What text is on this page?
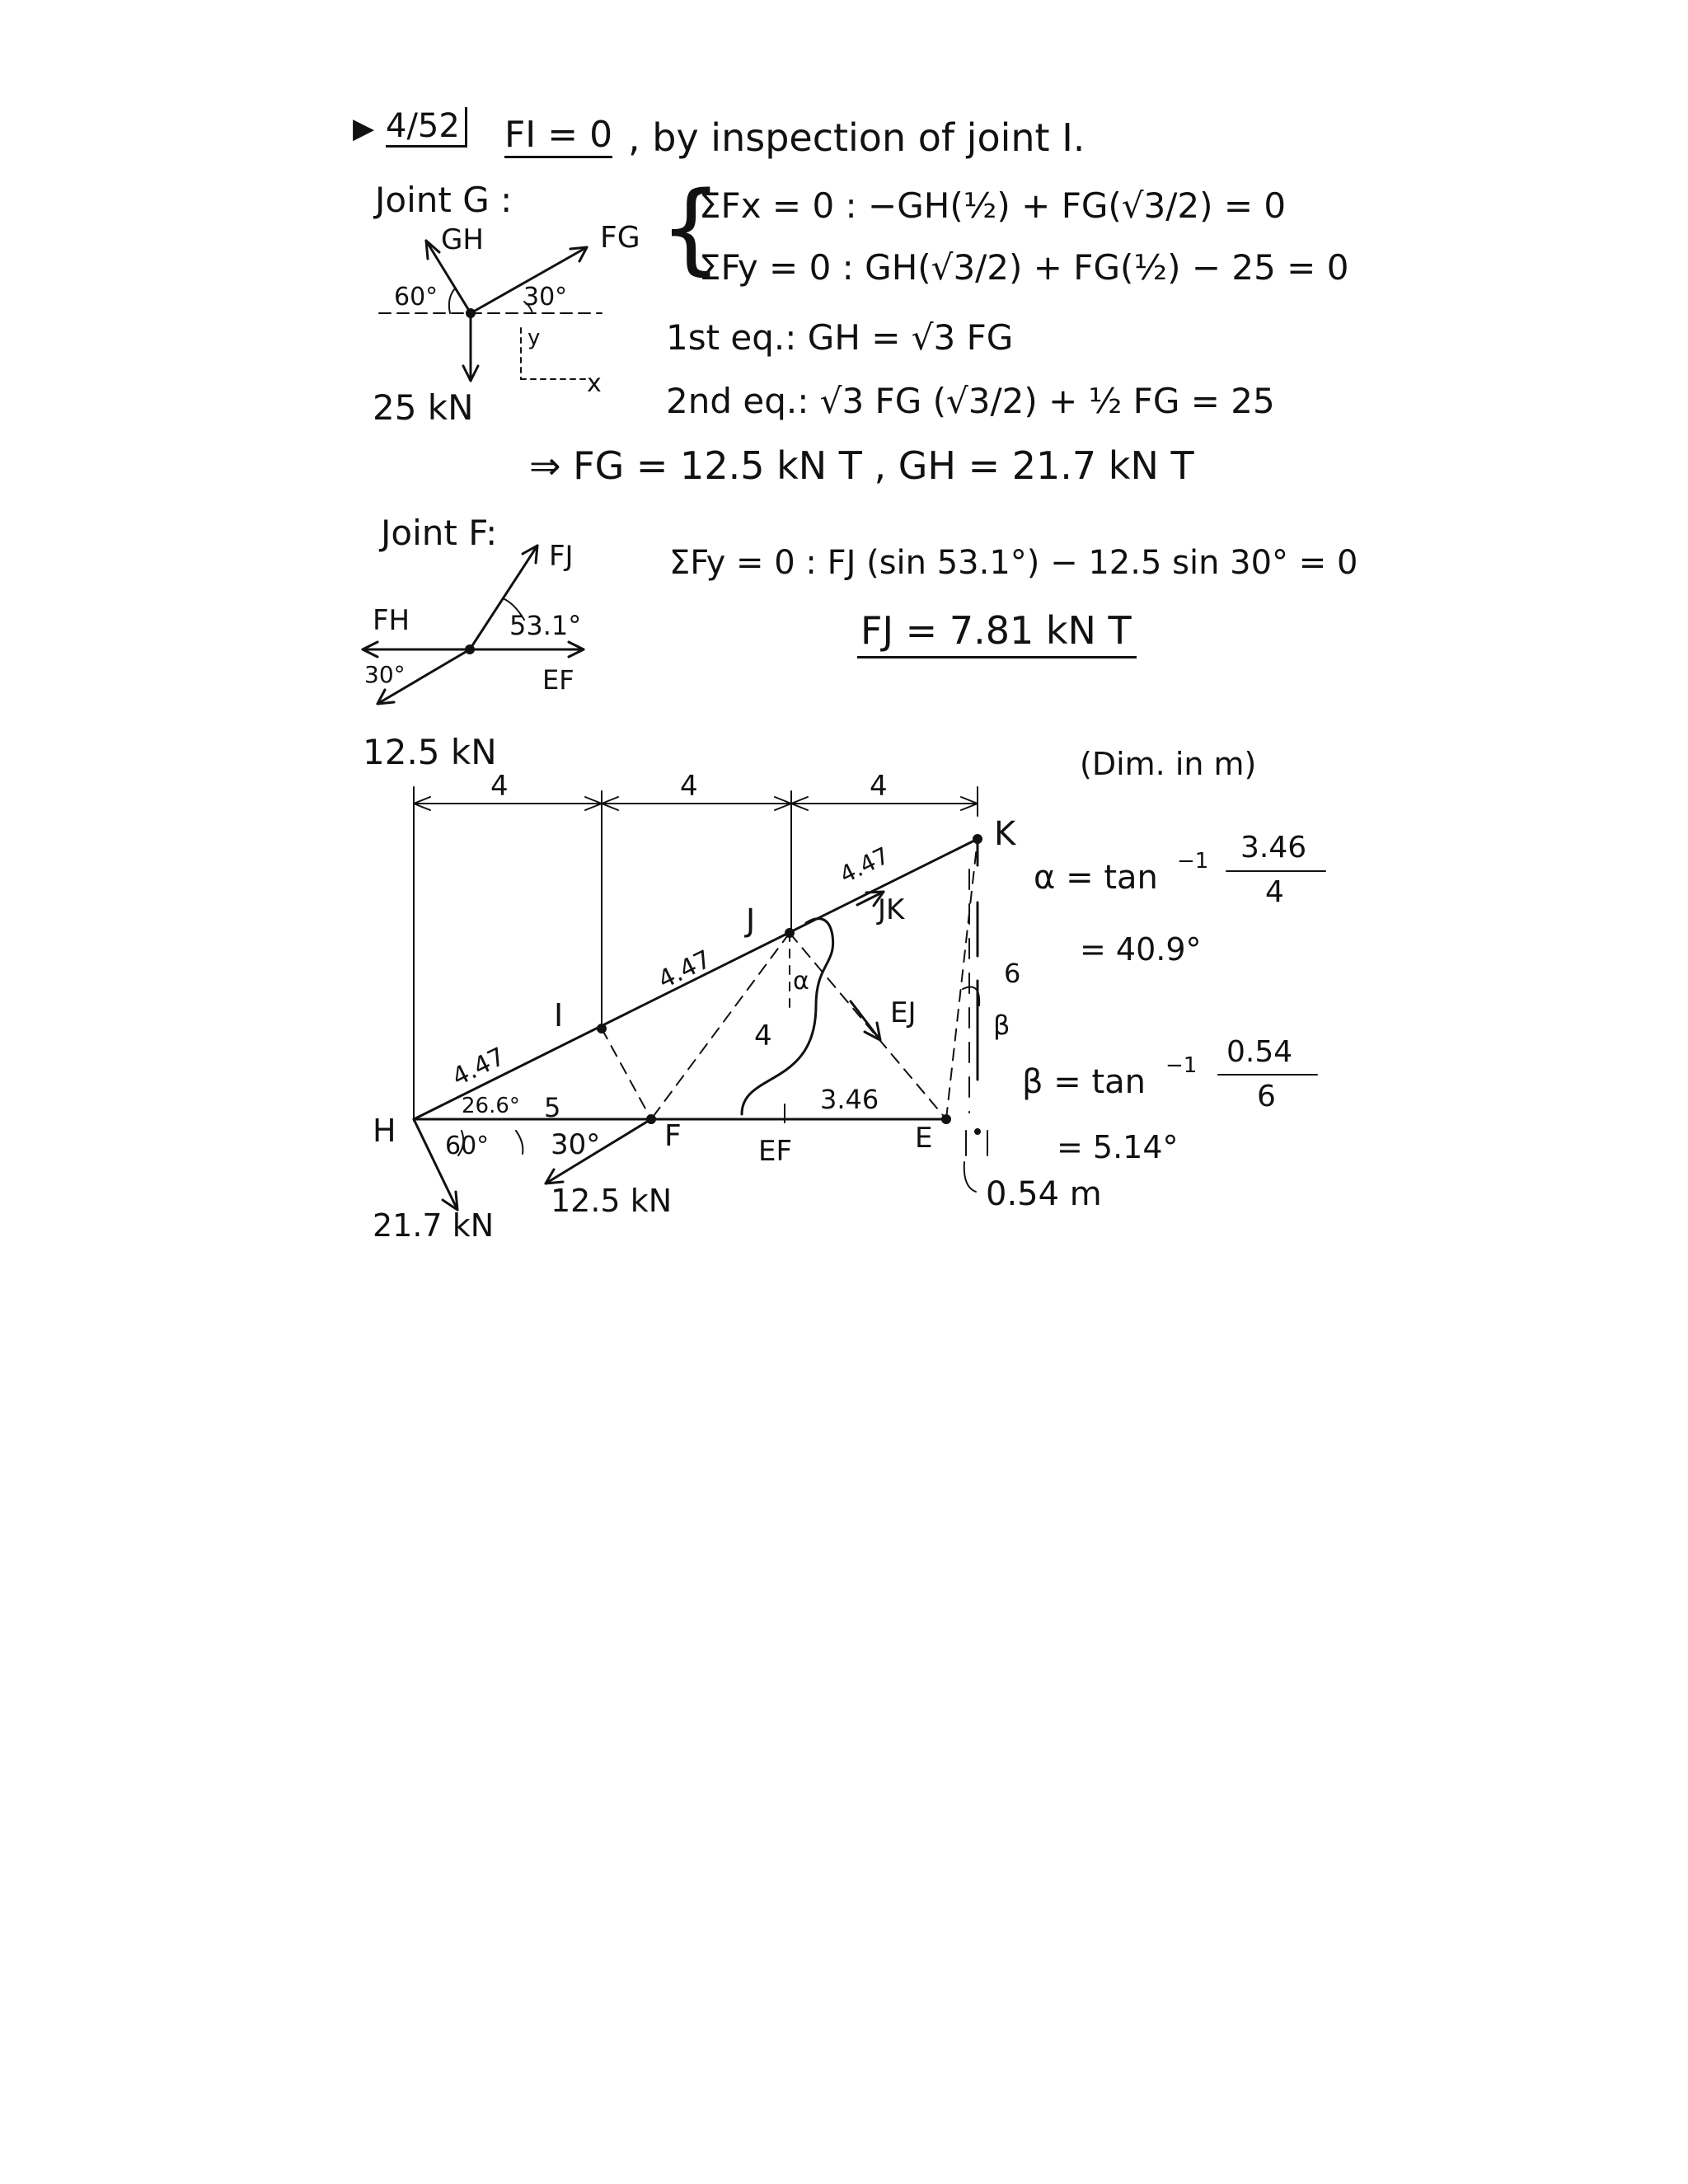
▶ 4/52 FI = 0 , by inspection of joint I.
Joint G :
GH	FG
60°	30°
y
x
25 kN
{
ΣFx = 0 : −GH(½) + FG(√3/2) = 0
ΣFy = 0 : GH(√3/2) + FG(½) − 25 = 0
1st eq.: GH = √3 FG
2nd eq.: √3 FG (√3/2) + ½ FG = 25
⇒ FG = 12.5 kN T , GH = 21.7 kN T
Joint F:
FJ
FH	53.1°
30°	EF
12.5 kN
ΣFy = 0 : FJ (sin 53.1°) − 12.5 sin 30° = 0
FJ = 7.81 kN T
(Dim. in m)
4	4	4
H
I
J
K
F	E
4.47
4.47
4.47
JK
EJ
EF
5
4
3.46
6
26.6°
60° 30°
α
β
21.7 kN
12.5 kN	0.54 m
α = tan −1 3.46
4
= 40.9°
β = tan −1 0.54
6
= 5.14°
